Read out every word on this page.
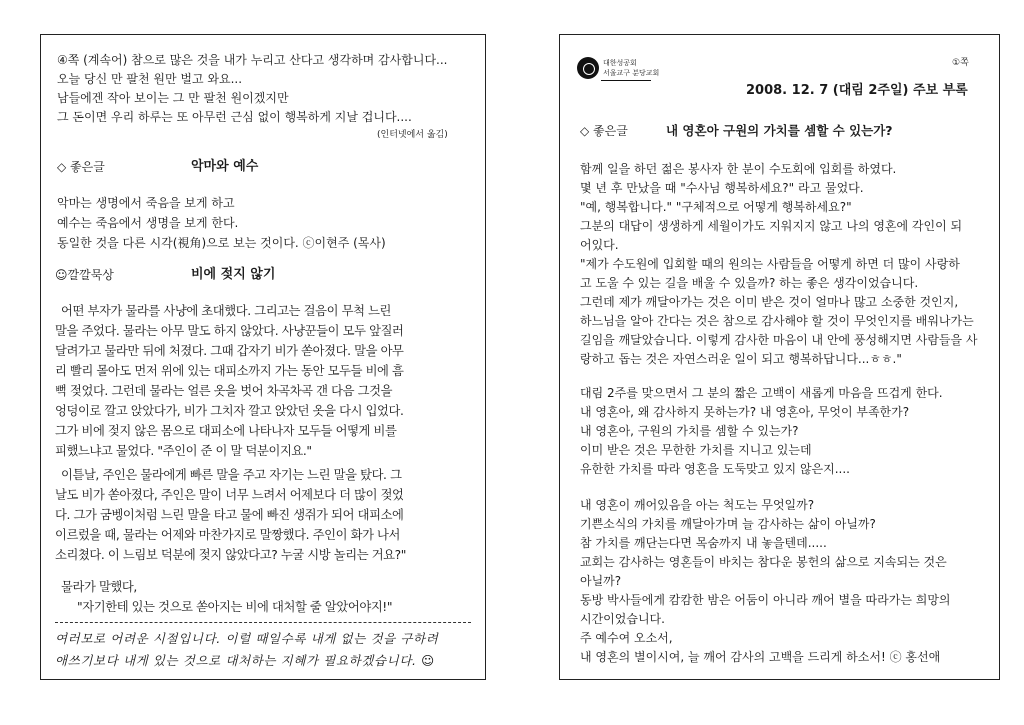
④쪽 (계속어) 참으로 많은 것을 내가 누리고 산다고 생각하며 감사합니다...
오늘 당신 만 팔천 원만 벌고 와요...
남들에겐 작아 보이는 그 만 팔천 원이겠지만
그 돈이면 우리 하루는 또 아무런 근심 없이 행복하게 지날 겁니다....
(인터넷에서 옮김)
◇ 좋은글	악마와 예수
악마는 생명에서 죽음을 보게 하고
예수는 죽음에서 생명을 보게 한다.
동일한 것을 다른 시각(視角)으로 보는 것이다. ⓒ이현주 (목사)
☺깔깔묵상	비에 젖지 않기
어떤 부자가 물라를 사냥에 초대했다. 그리고는 걸음이 무척 느린
말을 주었다. 물라는 아무 말도 하지 않았다. 사냥꾼들이 모두 앞질러
달려가고 물라만 뒤에 처졌다. 그때 갑자기 비가 쏟아졌다. 말을 아무
리 빨리 몰아도 먼저 위에 있는 대피소까지 가는 동안 모두들 비에 흠
뻑 젖었다. 그런데 물라는 얼른 옷을 벗어 차곡차곡 갠 다음 그것을
엉덩이로 깔고 앉았다가, 비가 그치자 깔고 앉았던 옷을 다시 입었다.
그가 비에 젖지 않은 몸으로 대피소에 나타나자 모두들 어떻게 비를
피했느냐고 물었다. "주인이 준 이 말 덕분이지요."
이튿날, 주인은 물라에게 빠른 말을 주고 자기는 느린 말을 탔다. 그
날도 비가 쏟아졌다, 주인은 말이 너무 느려서 어제보다 더 많이 젖었
다. 그가 굼벵이처럼 느린 말을 타고 물에 빠진 생쥐가 되어 대피소에
이르렀을 때, 물라는 어제와 마찬가지로 말짱했다. 주인이 화가 나서
소리쳤다. 이 느림보 덕분에 젖지 않았다고? 누굴 시방 놀리는 거요?"
물라가 말했다,
"자기한테 있는 것으로 쏟아지는 비에 대처할 줄 알았어야지!"
여러모로 어려운 시절입니다. 이럴 때일수록 내게 없는 것을 구하려
애쓰기보다 내게 있는 것으로 대처하는 지혜가 필요하겠습니다. ☺
대한성공회
서울교구 분당교회
①쪽
2008. 12. 7 (대림 2주일) 주보 부록
◇ 좋은글	내 영혼아 구원의 가치를 셈할 수 있는가?
함께 일을 하던 젊은 봉사자 한 분이 수도회에 입회를 하였다.
몇 년 후 만났을 때 "수사님 행복하세요?" 라고 물었다.
"예, 행복합니다." "구체적으로 어떻게 행복하세요?"
그분의 대답이 생생하게 세월이가도 지워지지 않고 나의 영혼에 각인이 되
어있다.
"제가 수도원에 입회할 때의 원의는 사람들을 어떻게 하면 더 많이 사랑하
고 도울 수 있는 길을 배울 수 있을까? 하는 좋은 생각이었습니다.
그런데 제가 깨달아가는 것은 이미 받은 것이 얼마나 많고 소중한 것인지,
하느님을 알아 간다는 것은 참으로 감사해야 할 것이 무엇인지를 배워나가는
길임을 깨달았습니다. 이렇게 감사한 마음이 내 안에 풍성해지면 사람들을 사
랑하고 돕는 것은 자연스러운 일이 되고 행복하답니다...ㅎㅎ."
대림 2주를 맞으면서 그 분의 짧은 고백이 새롭게 마음을 뜨겁게 한다.
내 영혼아, 왜 감사하지 못하는가? 내 영혼아, 무엇이 부족한가?
내 영혼아, 구원의 가치를 셈할 수 있는가?
이미 받은 것은 무한한 가치를 지니고 있는데
유한한 가치를 따라 영혼을 도둑맞고 있지 않은지....
내 영혼이 깨어있음을 아는 척도는 무엇일까?
기쁜소식의 가치를 깨달아가며 늘 감사하는 삶이 아닐까?
참 가치를 깨단는다면 목숨까지 내 놓을텐데.....
교회는 감사하는 영혼들이 바치는 참다운 봉헌의 삶으로 지속되는 것은
아닐까?
동방 박사들에게 캄캄한 밤은 어둠이 아니라 깨어 별을 따라가는 희망의
시간이었습니다.
주 예수여 오소서,
내 영혼의 별이시여, 늘 깨어 감사의 고백을 드리게 하소서! ⓒ 홍선애
